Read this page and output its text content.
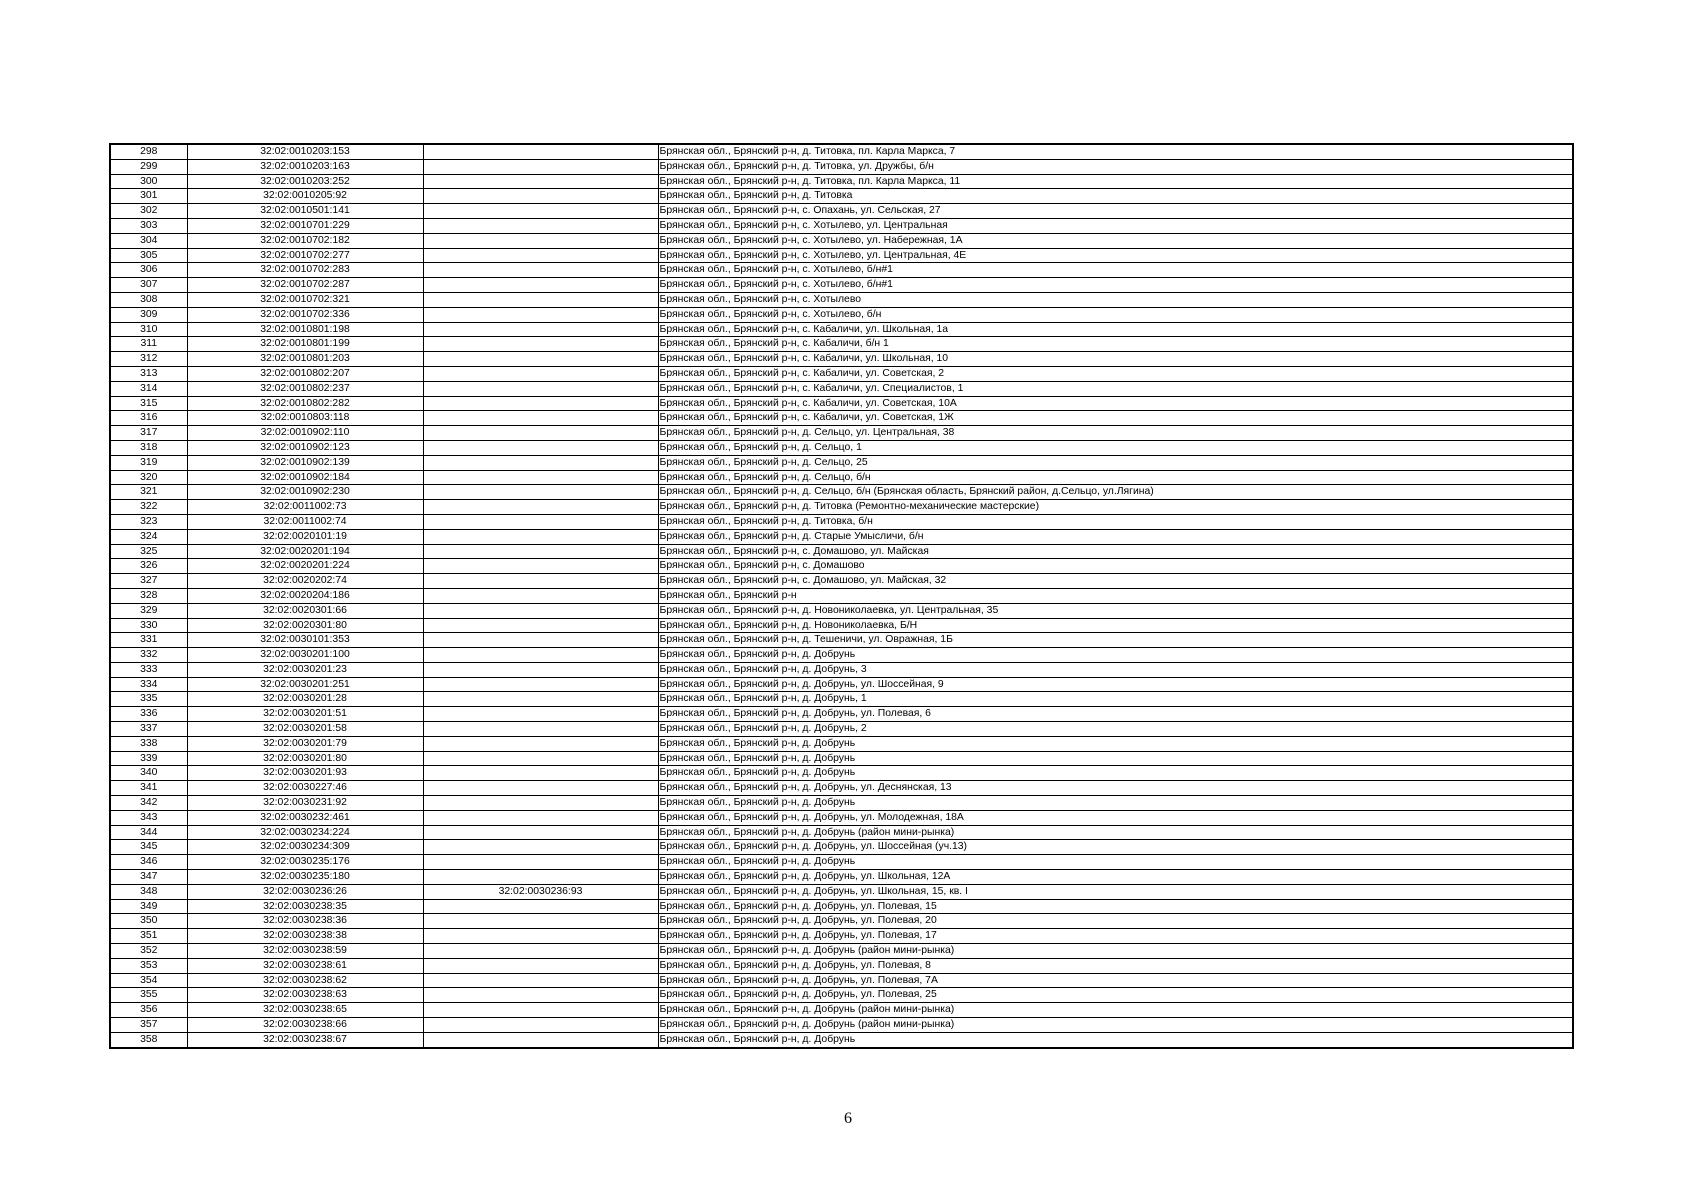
298	32:02:0010203:153		Брянская обл., Брянский р-н, д. Титовка, пл. Карла Маркса, 7
299	32:02:0010203:163		Брянская обл., Брянский р-н, д. Титовка, ул. Дружбы, б/н
300	32:02:0010203:252		Брянская обл., Брянский р-н, д. Титовка, пл. Карла Маркса, 11
301	32:02:0010205:92		Брянская обл., Брянский р-н, д. Титовка
302	32:02:0010501:141		Брянская обл., Брянский р-н, с. Опахань, ул. Сельская, 27
303	32:02:0010701:229		Брянская обл., Брянский р-н, с. Хотылево, ул. Центральная
304	32:02:0010702:182		Брянская обл., Брянский р-н, с. Хотылево, ул. Набережная, 1А
305	32:02:0010702:277		Брянская обл., Брянский р-н, с. Хотылево, ул. Центральная, 4Е
306	32:02:0010702:283		Брянская обл., Брянский р-н, с. Хотылево, б/н#1
307	32:02:0010702:287		Брянская обл., Брянский р-н, с. Хотылево, б/н#1
308	32:02:0010702:321		Брянская обл., Брянский р-н, с. Хотылево
309	32:02:0010702:336		Брянская обл., Брянский р-н, с. Хотылево, б/н
310	32:02:0010801:198		Брянская обл., Брянский р-н, с. Кабаличи, ул. Школьная, 1а
311	32:02:0010801:199		Брянская обл., Брянский р-н, с. Кабаличи, б/н 1
312	32:02:0010801:203		Брянская обл., Брянский р-н, с. Кабаличи, ул. Школьная, 10
313	32:02:0010802:207		Брянская обл., Брянский р-н, с. Кабаличи, ул. Советская, 2
314	32:02:0010802:237		Брянская обл., Брянский р-н, с. Кабаличи, ул. Специалистов, 1
315	32:02:0010802:282		Брянская обл., Брянский р-н, с. Кабаличи, ул. Советская, 10А
316	32:02:0010803:118		Брянская обл., Брянский р-н, с. Кабаличи, ул. Советская, 1Ж
317	32:02:0010902:110		Брянская обл., Брянский р-н, д. Сельцо, ул. Центральная, 38
318	32:02:0010902:123		Брянская обл., Брянский р-н, д. Сельцо, 1
319	32:02:0010902:139		Брянская обл., Брянский р-н, д. Сельцо, 25
320	32:02:0010902:184		Брянская обл., Брянский р-н, д. Сельцо, б/н
321	32:02:0010902:230		Брянская обл., Брянский р-н, д. Сельцо, б/н (Брянская область, Брянский район, д.Сельцо, ул.Лягина)
322	32:02:0011002:73		Брянская обл., Брянский р-н, д. Титовка (Ремонтно-механические мастерские)
323	32:02:0011002:74		Брянская обл., Брянский р-н, д. Титовка, б/н
324	32:02:0020101:19		Брянская обл., Брянский р-н, д. Старые Умысличи, б/н
325	32:02:0020201:194		Брянская обл., Брянский р-н, с. Домашово, ул. Майская
326	32:02:0020201:224		Брянская обл., Брянский р-н, с. Домашово
327	32:02:0020202:74		Брянская обл., Брянский р-н, с. Домашово, ул. Майская, 32
328	32:02:0020204:186		Брянская обл., Брянский р-н
329	32:02:0020301:66		Брянская обл., Брянский р-н, д. Новониколаевка, ул. Центральная, 35
330	32:02:0020301:80		Брянская обл., Брянский р-н, д. Новониколаевка, Б/Н
331	32:02:0030101:353		Брянская обл., Брянский р-н, д. Тешеничи, ул. Овражная, 1Б
332	32:02:0030201:100		Брянская обл., Брянский р-н, д. Добрунь
333	32:02:0030201:23		Брянская обл., Брянский р-н, д. Добрунь, 3
334	32:02:0030201:251		Брянская обл., Брянский р-н, д. Добрунь, ул. Шоссейная, 9
335	32:02:0030201:28		Брянская обл., Брянский р-н, д. Добрунь, 1
336	32:02:0030201:51		Брянская обл., Брянский р-н, д. Добрунь, ул. Полевая, 6
337	32:02:0030201:58		Брянская обл., Брянский р-н, д. Добрунь, 2
338	32:02:0030201:79		Брянская обл., Брянский р-н, д. Добрунь
339	32:02:0030201:80		Брянская обл., Брянский р-н, д. Добрунь
340	32:02:0030201:93		Брянская обл., Брянский р-н, д. Добрунь
341	32:02:0030227:46		Брянская обл., Брянский р-н, д. Добрунь, ул. Деснянская, 13
342	32:02:0030231:92		Брянская обл., Брянский р-н, д. Добрунь
343	32:02:0030232:461		Брянская обл., Брянский р-н, д. Добрунь, ул. Молодежная, 18А
344	32:02:0030234:224		Брянская обл., Брянский р-н, д. Добрунь (район мини-рынка)
345	32:02:0030234:309		Брянская обл., Брянский р-н, д. Добрунь, ул. Шоссейная (уч.13)
346	32:02:0030235:176		Брянская обл., Брянский р-н, д. Добрунь
347	32:02:0030235:180		Брянская обл., Брянский р-н, д. Добрунь, ул. Школьная, 12А
348	32:02:0030236:26	32:02:0030236:93	Брянская обл., Брянский р-н, д. Добрунь, ул. Школьная, 15, кв. I
349	32:02:0030238:35		Брянская обл., Брянский р-н, д. Добрунь, ул. Полевая, 15
350	32:02:0030238:36		Брянская обл., Брянский р-н, д. Добрунь, ул. Полевая, 20
351	32:02:0030238:38		Брянская обл., Брянский р-н, д. Добрунь, ул. Полевая, 17
352	32:02:0030238:59		Брянская обл., Брянский р-н, д. Добрунь (район мини-рынка)
353	32:02:0030238:61		Брянская обл., Брянский р-н, д. Добрунь, ул. Полевая, 8
354	32:02:0030238:62		Брянская обл., Брянский р-н, д. Добрунь, ул. Полевая, 7А
355	32:02:0030238:63		Брянская обл., Брянский р-н, д. Добрунь, ул. Полевая, 25
356	32:02:0030238:65		Брянская обл., Брянский р-н, д. Добрунь (район мини-рынка)
357	32:02:0030238:66		Брянская обл., Брянский р-н, д. Добрунь (район мини-рынка)
358	32:02:0030238:67		Брянская обл., Брянский р-н, д. Добрунь
6
